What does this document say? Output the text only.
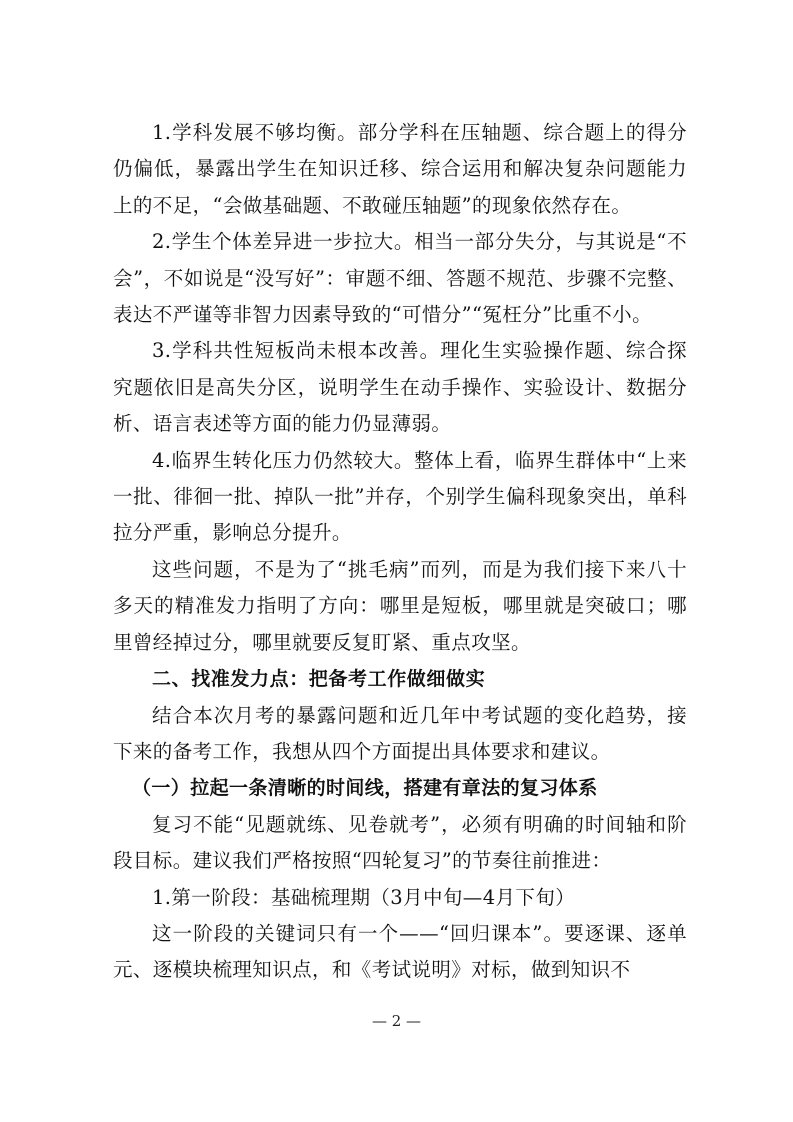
1.学科发展不够均衡。部分学科在压轴题、综合题上的得分仍偏低，暴露出学生在知识迁移、综合运用和解决复杂问题能力上的不足，“会做基础题、不敢碰压轴题”的现象依然存在。

2.学生个体差异进一步拉大。相当一部分失分，与其说是“不会”，不如说是“没写好”：审题不细、答题不规范、步骤不完整、表达不严谨等非智力因素导致的“可惜分”“冤枉分”比重不小。

3.学科共性短板尚未根本改善。理化生实验操作题、综合探究题依旧是高失分区，说明学生在动手操作、实验设计、数据分析、语言表述等方面的能力仍显薄弱。

4.临界生转化压力仍然较大。整体上看，临界生群体中“上来一批、徘徊一批、掉队一批”并存，个别学生偏科现象突出，单科拉分严重，影响总分提升。

这些问题，不是为了“挑毛病”而列，而是为我们接下来八十多天的精准发力指明了方向：哪里是短板，哪里就是突破口；哪里曾经掉过分，哪里就要反复盯紧、重点攻坚。

二、找准发力点：把备考工作做细做实

结合本次月考的暴露问题和近几年中考试题的变化趋势，接下来的备考工作，我想从四个方面提出具体要求和建议。

（一）拉起一条清晰的时间线，搭建有章法的复习体系

复习不能“见题就练、见卷就考”，必须有明确的时间轴和阶段目标。建议我们严格按照“四轮复习”的节奏往前推进：

1.第一阶段：基础梳理期（3月中旬—4月下旬）

这一阶段的关键词只有一个——“回归课本”。要逐课、逐单元、逐模块梳理知识点，和《考试说明》对标，做到知识不

— 2 —
